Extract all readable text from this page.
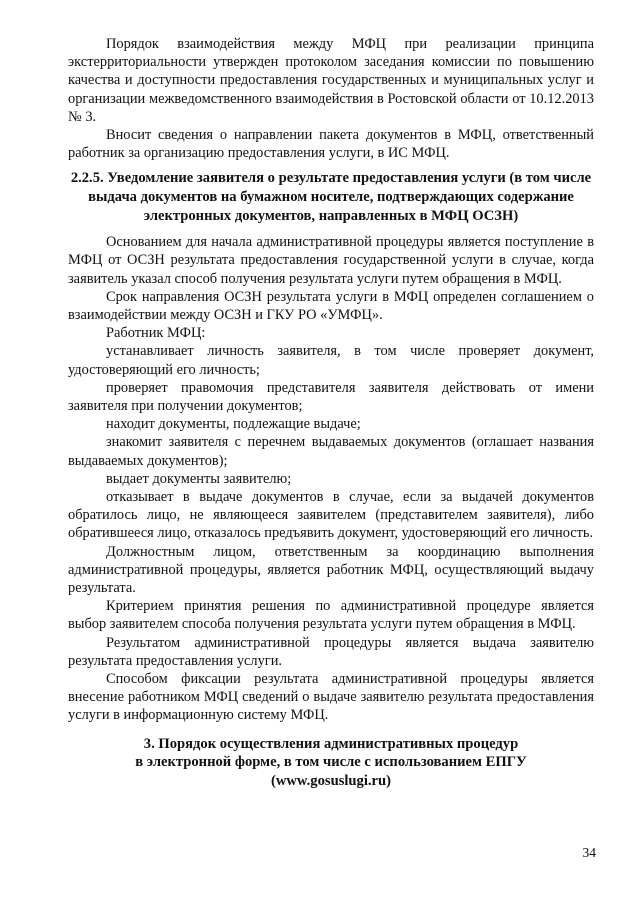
Порядок взаимодействия между МФЦ при реализации принципа экстерриториальности утвержден протоколом заседания комиссии по повышению качества и доступности предоставления государственных и муниципальных услуг и организации межведомственного взаимодействия в Ростовской области от 10.12.2013 № 3.

Вносит сведения о направлении пакета документов в МФЦ, ответственный работник за организацию предоставления услуги, в ИС МФЦ.

2.2.5. Уведомление заявителя о результате предоставления услуги (в том числе выдача документов на бумажном носителе, подтверждающих содержание электронных документов, направленных в МФЦ ОСЗН)

Основанием для начала административной процедуры является поступление в МФЦ от ОСЗН результата предоставления государственной услуги в случае, когда заявитель указал способ получения результата услуги путем обращения в МФЦ.

Срок направления ОСЗН результата услуги в МФЦ определен соглашением о взаимодействии между ОСЗН и ГКУ РО «УМФЦ».

Работник МФЦ:

устанавливает личность заявителя, в том числе проверяет документ, удостоверяющий его личность;

проверяет правомочия представителя заявителя действовать от имени заявителя при получении документов;

находит документы, подлежащие выдаче;

знакомит заявителя с перечнем выдаваемых документов (оглашает названия выдаваемых документов);

выдает документы заявителю;

отказывает в выдаче документов в случае, если за выдачей документов обратилось лицо, не являющееся заявителем (представителем заявителя), либо обратившееся лицо, отказалось предъявить документ, удостоверяющий его личность.

Должностным лицом, ответственным за координацию выполнения административной процедуры, является работник МФЦ, осуществляющий выдачу результата.

Критерием принятия решения по административной процедуре является выбор заявителем способа получения результата услуги путем обращения в МФЦ.

Результатом административной процедуры является выдача заявителю результата предоставления услуги.

Способом фиксации результата административной процедуры является внесение работником МФЦ сведений о выдаче заявителю результата предоставления услуги в информационную систему МФЦ.

3. Порядок осуществления административных процедур
в электронной форме, в том числе с использованием ЕПГУ
(www.gosuslugi.ru)
34
